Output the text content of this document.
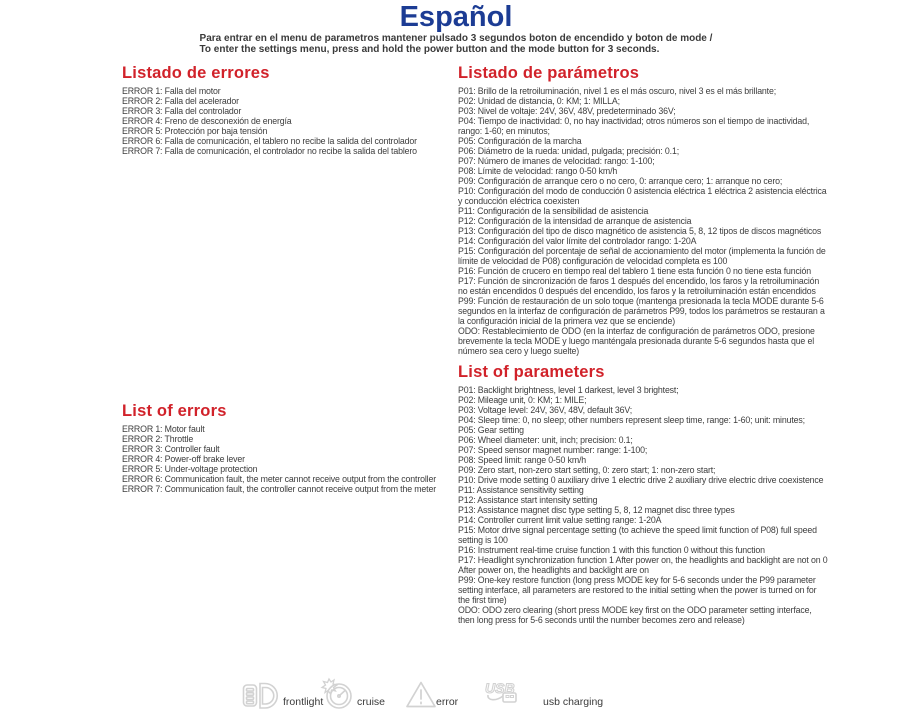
Español
Para entrar en el menu de parametros mantener pulsado 3 segundos boton de encendido y boton de mode /
To enter the settings menu, press and hold the power button and the mode button for 3 seconds.
Listado de errores
ERROR 1: Falla del motor
ERROR 2: Falla del acelerador
ERROR 3: Falla del controlador
ERROR 4: Freno de desconexión de energía
ERROR 5: Protección por baja tensión
ERROR 6: Falla de comunicación, el tablero no recibe la salida del controlador
ERROR 7: Falla de comunicación, el controlador no recibe la salida del tablero
List of errors
ERROR 1: Motor fault
ERROR 2: Throttle
ERROR 3: Controller fault
ERROR 4: Power-off brake lever
ERROR 5: Under-voltage protection
ERROR 6: Communication fault, the meter cannot receive output from the controller
ERROR 7: Communication fault, the controller cannot receive output from the meter
Listado de parámetros
P01: Brillo de la retroiluminación, nivel 1 es el más oscuro, nivel 3 es el más brillante;
P02: Unidad de distancia, 0: KM; 1: MILLA;
P03: Nivel de voltaje: 24V, 36V, 48V, predeterminado 36V;
P04: Tiempo de inactividad: 0, no hay inactividad; otros números son el tiempo de inactividad, rango: 1-60; en minutos;
P05: Configuración de la marcha
P06: Diámetro de la rueda: unidad, pulgada; precisión: 0.1;
P07: Número de imanes de velocidad: rango: 1-100;
P08: Límite de velocidad: rango 0-50 km/h
P09: Configuración de arranque cero o no cero, 0: arranque cero; 1: arranque no cero;
P10: Configuración del modo de conducción 0 asistencia eléctrica 1 eléctrica 2 asistencia eléctrica y conducción eléctrica coexisten
P11: Configuración de la sensibilidad de asistencia
P12: Configuración de la intensidad de arranque de asistencia
P13: Configuración del tipo de disco magnético de asistencia 5, 8, 12 tipos de discos magnéticos
P14: Configuración del valor límite del controlador rango: 1-20A
P15: Configuración del porcentaje de señal de accionamiento del motor (implementa la función de límite de velocidad de P08) configuración de velocidad completa es 100
P16: Función de crucero en tiempo real del tablero 1 tiene esta función 0 no tiene esta función
P17: Función de sincronización de faros 1 después del encendido, los faros y la retroiluminación no están encendidos 0 después del encendido, los faros y la retroiluminación están encendidos
P99: Función de restauración de un solo toque (mantenga presionada la tecla MODE durante 5-6 segundos en la interfaz de configuración de parámetros P99, todos los parámetros se restauran a la configuración inicial de la primera vez que se enciende)
ODO: Restablecimiento de ODO (en la interfaz de configuración de parámetros ODO, presione brevemente la tecla MODE y luego manténgala presionada durante 5-6 segundos hasta que el número sea cero y luego suelte)
List of parameters
P01: Backlight brightness, level 1 darkest, level 3 brightest;
P02: Mileage unit, 0: KM; 1: MILE;
P03: Voltage level: 24V, 36V, 48V, default 36V;
P04: Sleep time: 0, no sleep; other numbers represent sleep time, range: 1-60; unit: minutes;
P05: Gear setting
P06: Wheel diameter: unit, inch; precision: 0.1;
P07: Speed sensor magnet number: range: 1-100;
P08: Speed limit: range 0-50 km/h
P09: Zero start, non-zero start setting, 0: zero start; 1: non-zero start;
P10: Drive mode setting 0 auxiliary drive 1 electric drive 2 auxiliary drive electric drive coexistence
P11: Assistance sensitivity setting
P12: Assistance start intensity setting
P13: Assistance magnet disc type setting 5, 8, 12 magnet disc three types
P14: Controller current limit value setting range: 1-20A
P15: Motor drive signal percentage setting (to achieve the speed limit function of P08) full speed setting is 100
P16: Instrument real-time cruise function 1 with this function 0 without this function
P17: Headlight synchronization function 1 After power on, the headlights and backlight are not on 0 After power on, the headlights and backlight are on
P99: One-key restore function (long press MODE key for 5-6 seconds under the P99 parameter setting interface, all parameters are restored to the initial setting when the power is turned on for the first time)
ODO: ODO zero clearing (short press MODE key first on the ODO parameter setting interface, then long press for 5-6 seconds until the number becomes zero and release)
frontlight	cruise	error
USB
usb charging
